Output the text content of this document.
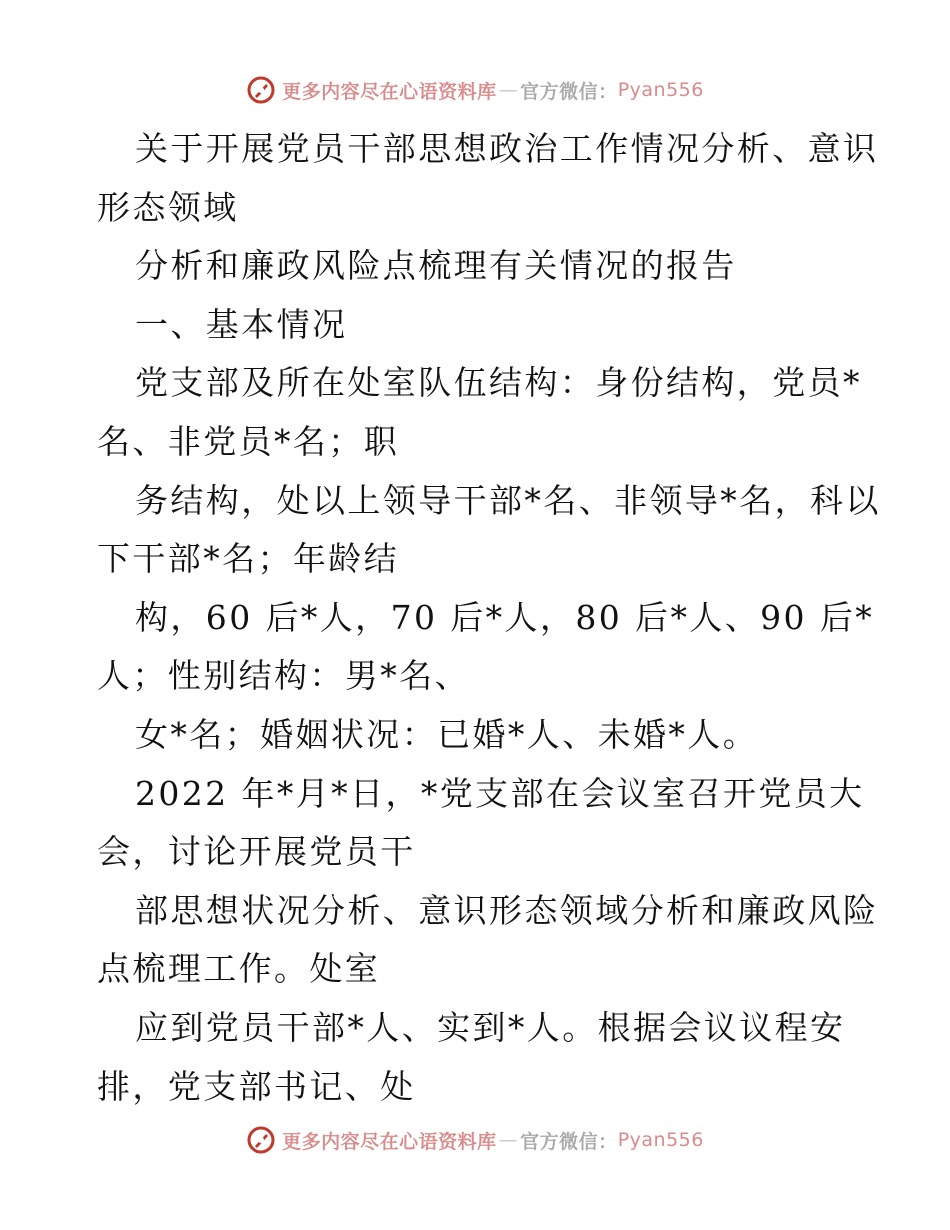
更多内容尽在心语资料库 — 官方微信： Pyan556
关于开展党员干部思想政治工作情况分析、意识
形态领域
分析和廉政风险点梳理有关情况的报告
一、基本情况
党支部及所在处室队伍结构：身份结构，党员*
名、非党员*名；职
务结构，处以上领导干部*名、非领导*名，科以
下干部*名；年龄结
构，60 后*人，70 后*人，80 后*人、90 后*
人；性别结构：男*名、
女*名；婚姻状况：已婚*人、未婚*人。
2022 年*月*日，*党支部在会议室召开党员大
会，讨论开展党员干
部思想状况分析、意识形态领域分析和廉政风险
点梳理工作。处室
应到党员干部*人、实到*人。根据会议议程安
排，党支部书记、处
更多内容尽在心语资料库 — 官方微信： Pyan556
